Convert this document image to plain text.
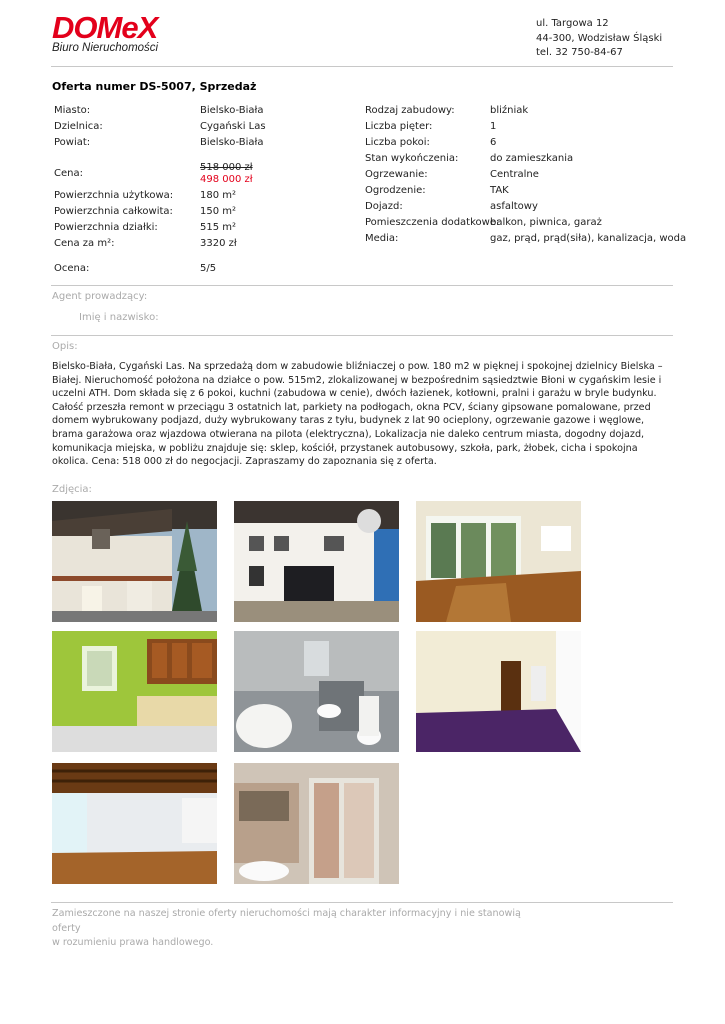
DOMeX
Biuro Nieruchomości
ul. Targowa 12
44-300, Wodzisław Śląski
tel. 32 750-84-67
Oferta numer DS-5007, Sprzedaż
Miasto:	Bielsko-Biała
Dzielnica:	Cygański Las
Powiat:	Bielsko-Biała
Cena:
518 000 zł
498 000 zł
Powierzchnia użytkowa:	180 m²
Powierzchnia całkowita:	150 m²
Powierzchnia działki:	515 m²
Cena za m²:	3320 zł
Ocena:	5/5
Rodzaj zabudowy:	bliźniak
Liczba pięter:	1
Liczba pokoi:	6
Stan wykończenia:	do zamieszkania
Ogrzewanie:	Centralne
Ogrodzenie:	TAK
Dojazd:	asfaltowy
Pomieszczenia dodatkowe:
balkon, piwnica, garaż
Media:	gaz, prąd, prąd(siła), kanalizacja, woda
Agent prowadzący:
Imię i nazwisko:
Opis:
Bielsko-Biała, Cygański Las. Na sprzedażą dom w zabudowie bliźniaczej o pow. 180 m2 w pięknej i spokojnej dzielnicy Bielska – Białej. Nieruchomość położona na działce o pow. 515m2, zlokalizowanej w bezpośrednim sąsiedztwie Błoni w cygańskim lesie i uczelni ATH. Dom składa się z 6 pokoi, kuchni (zabudowa w cenie), dwóch łazienek, kotłowni, pralni i garażu w bryle budynku. Całość przeszła remont w przeciągu 3 ostatnich lat, parkiety na podłogach, okna PCV, ściany gipsowane pomalowane, przed domem wybrukowany podjazd, duży wybrukowany taras z tyłu, budynek z lat 90 ocieplony, ogrzewanie gazowe i węglowe, brama garażowa oraz wjazdowa otwierana na pilota (elektryczna), Lokalizacja nie daleko centrum miasta, dogodny dojazd, komunikacja miejska, w pobliżu znajduje się: sklep, kościół, przystanek autobusowy, szkoła, park, żłobek, cicha i spokojna okolica. Cena: 518 000 zł do negocjacji. Zapraszamy do zapoznania się z oferta.
Zdjęcia:
Zamieszczone na naszej stronie oferty nieruchomości mają charakter informacyjny i nie stanowią oferty
w rozumieniu prawa handlowego.
